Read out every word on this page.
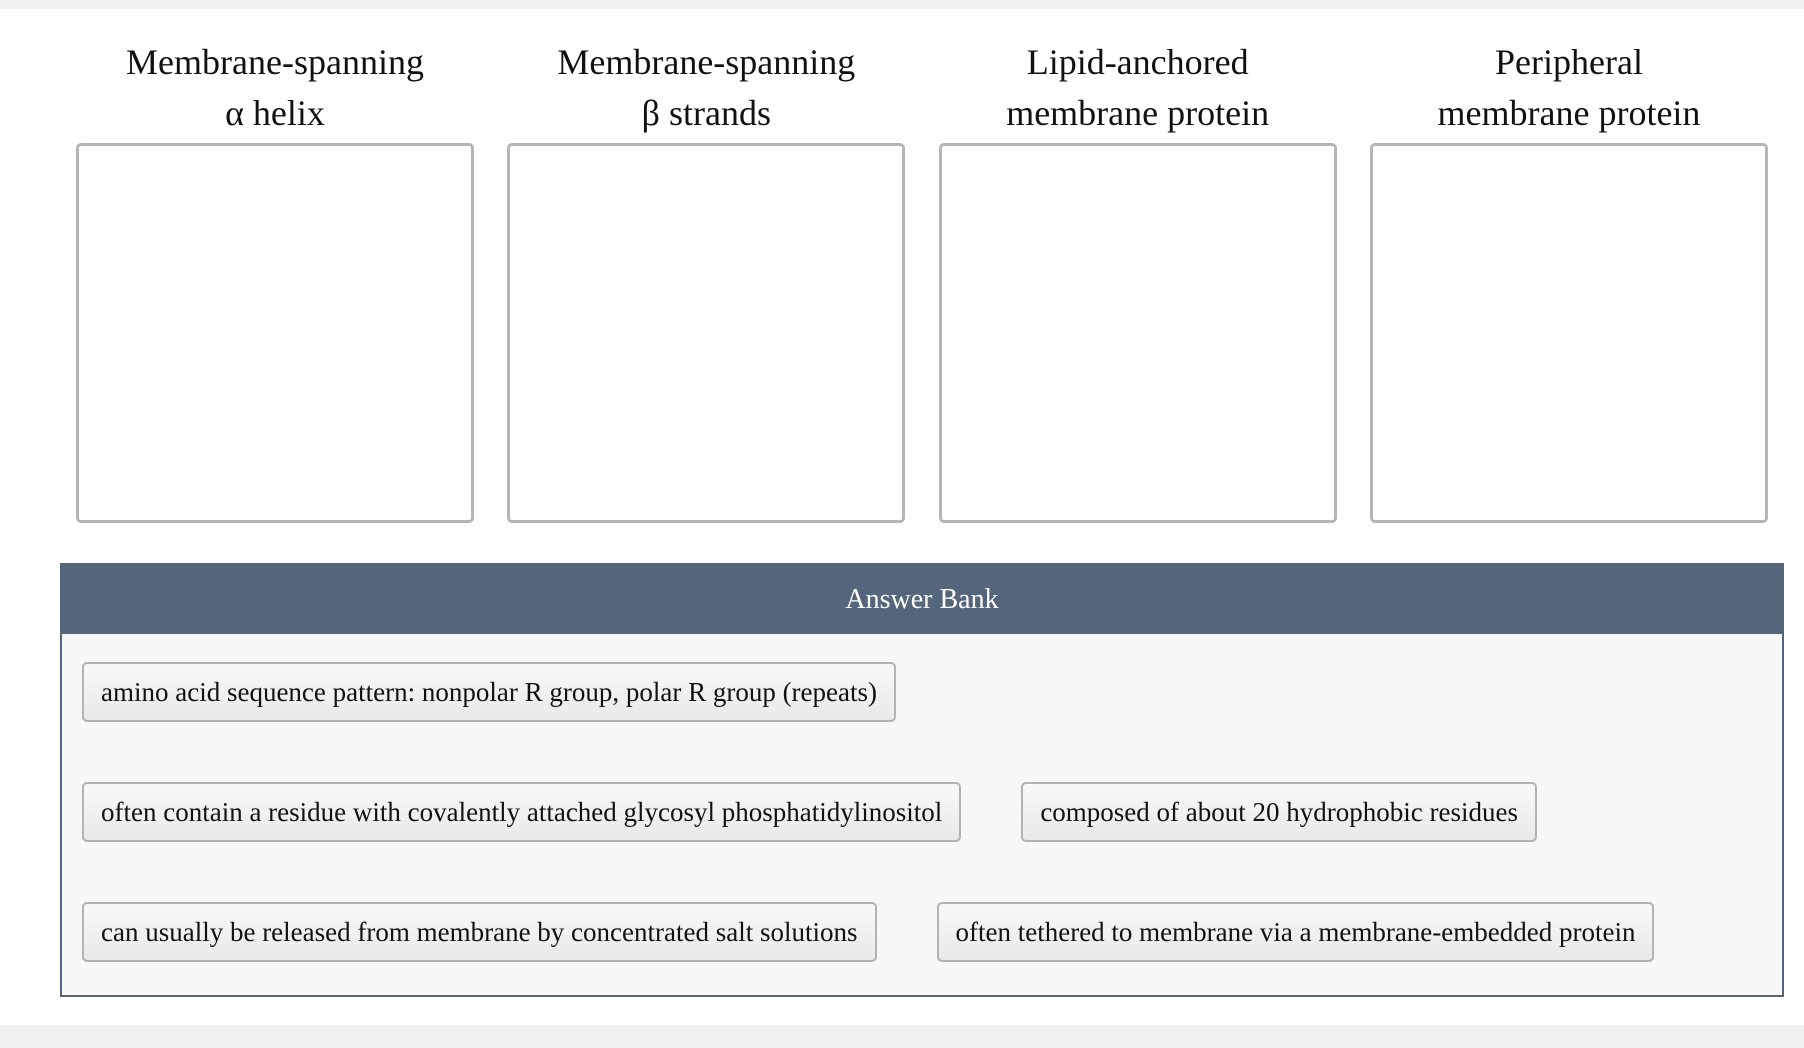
Membrane-spanning
α helix
Membrane-spanning
β strands
Lipid-anchored
membrane protein
Peripheral
membrane protein
Answer Bank
amino acid sequence pattern: nonpolar R group, polar R group (repeats)
often contain a residue with covalently attached glycosyl phosphatidylinositol	composed of about 20 hydrophobic residues
can usually be released from membrane by concentrated salt solutions	often tethered to membrane via a membrane-embedded protein
